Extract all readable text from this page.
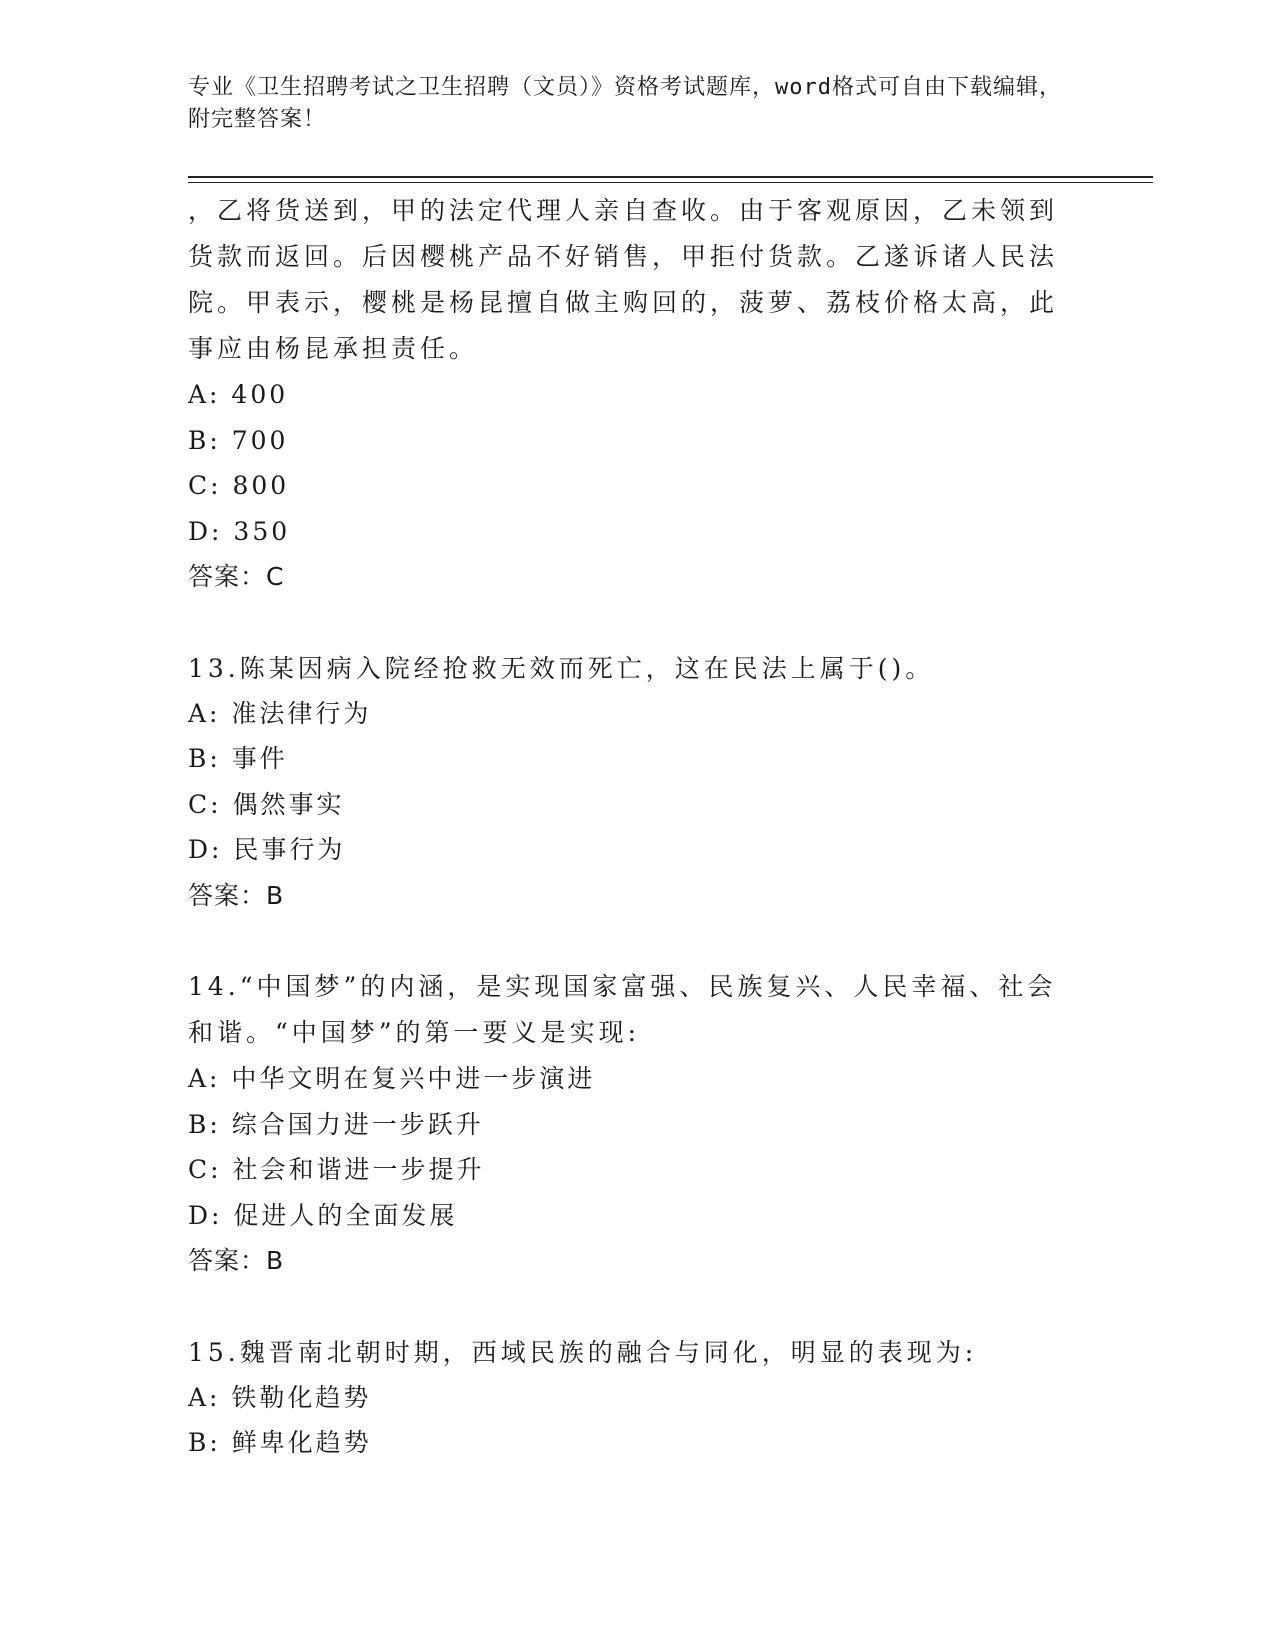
专业《卫生招聘考试之卫生招聘（文员）》资格考试题库，word格式可自由下载编辑，附完整答案！

，乙将货送到，甲的法定代理人亲自查收。由于客观原因，乙未领到货款而返回。后因樱桃产品不好销售，甲拒付货款。乙遂诉诸人民法院。甲表示，樱桃是杨昆擅自做主购回的，菠萝、荔枝价格太高，此事应由杨昆承担责任。

A: 400

B: 700

C: 800

D: 350

答案：C

13.陈某因病入院经抢救无效而死亡，这在民法上属于()。

A: 准法律行为

B: 事件

C: 偶然事实

D: 民事行为

答案：B

14.“中国梦”的内涵，是实现国家富强、民族复兴、人民幸福、社会和谐。“中国梦”的第一要义是实现:

A: 中华文明在复兴中进一步演进

B: 综合国力进一步跃升

C: 社会和谐进一步提升

D: 促进人的全面发展

答案：B

15.魏晋南北朝时期，西域民族的融合与同化，明显的表现为:

A: 铁勒化趋势

B: 鲜卑化趋势
